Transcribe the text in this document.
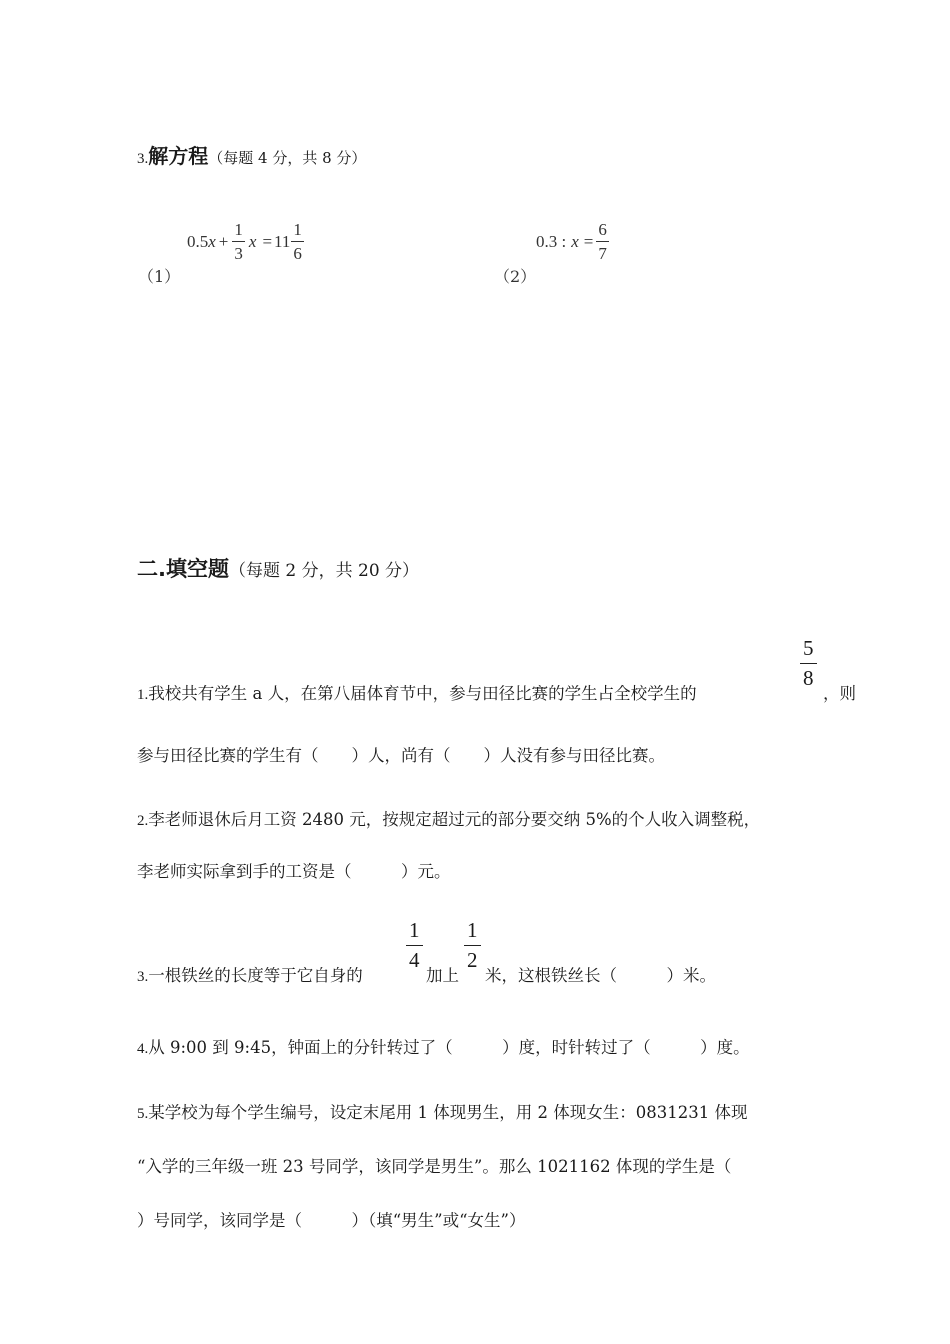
3.解方程（每题 4 分，共 8 分）
0.5 $x + \frac{1}{3}$ $x = 11 \frac{1}{6}$
（1）
0.3 : $x = \frac{6}{7}$
（2）
二.填空题（每题 2 分，共 20 分）
5
8
1.我校共有学生 a 人，在第八届体育节中，参与田径比赛的学生占全校学生的	，则
参与田径比赛的学生有（　　）人，尚有（　　）人没有参与田径比赛。
2.李老师退休后月工资 2480 元，按规定超过元的部分要交纳 5%的个人收入调整税，
李老师实际拿到手的工资是（　　　）元。
1
4
1
2
3.一根铁丝的长度等于它自身的	加上 米，这根铁丝长（　　　）米。
4.从 9:00 到 9:45，钟面上的分针转过了（　　　）度，时针转过了（　　　）度。
5.某学校为每个学生编号，设定末尾用 1 体现男生，用 2 体现女生：0831231 体现
“入学的三年级一班 23 号同学，该同学是男生”。那么 1021162 体现的学生是（
）号同学，该同学是（　　　）（填“男生”或“女生”）
